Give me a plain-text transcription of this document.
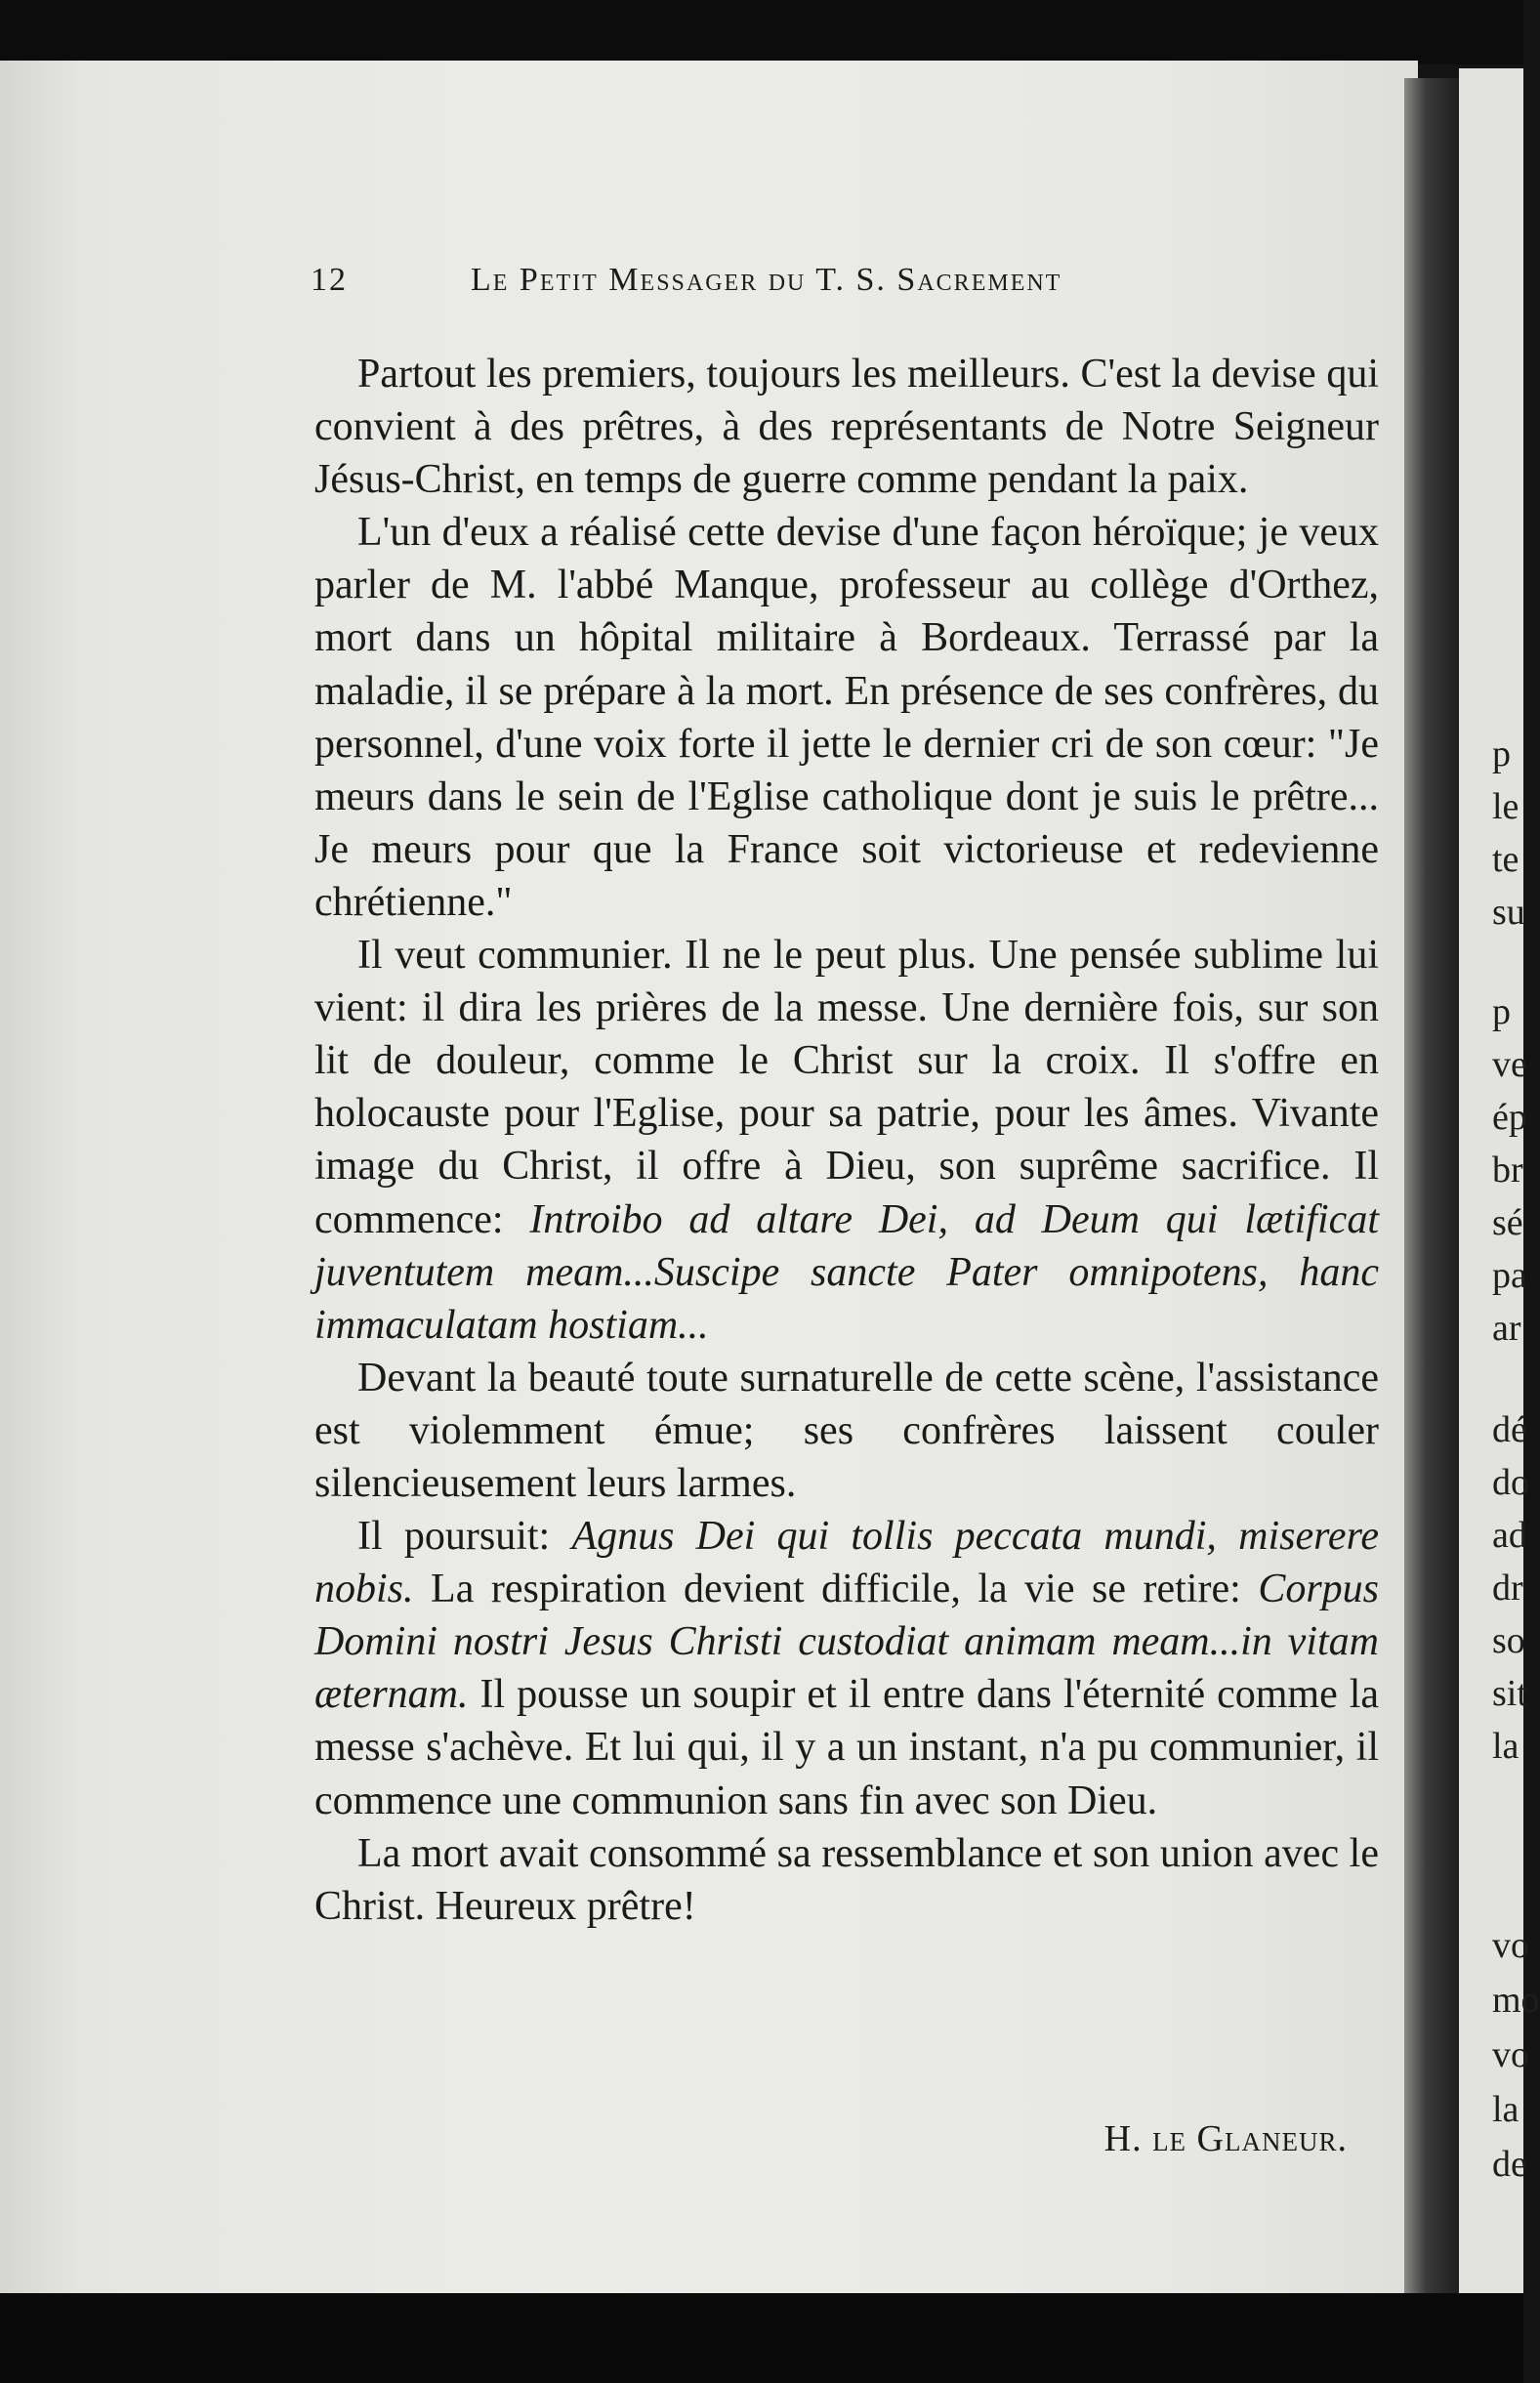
p
le
te
su
p
ve
ép
br
sé
pa
ar
dé
do
ad
dr
so
sit
la
vo
mo
vo
la
de
12	Le Petit Messager du T. S. Sacrement

Partout les premiers, toujours les meilleurs. C'est la devise qui convient à des prêtres, à des représentants de Notre Seigneur Jésus-Christ, en temps de guerre comme pendant la paix.

L'un d'eux a réalisé cette devise d'une façon héroïque; je veux parler de M. l'abbé Manque, professeur au collège d'Orthez, mort dans un hôpital militaire à Bordeaux. Terrassé par la maladie, il se prépare à la mort. En présence de ses confrères, du personnel, d'une voix forte il jette le dernier cri de son cœur: "Je meurs dans le sein de l'Eglise catholique dont je suis le prêtre... Je meurs pour que la France soit victorieuse et redevienne chrétienne."

Il veut communier. Il ne le peut plus. Une pensée sublime lui vient: il dira les prières de la messe. Une dernière fois, sur son lit de douleur, comme le Christ sur la croix. Il s'offre en holocauste pour l'Eglise, pour sa patrie, pour les âmes. Vivante image du Christ, il offre à Dieu, son suprême sacrifice. Il commence: Introibo ad altare Dei, ad Deum qui lætificat juventutem meam...Suscipe sancte Pater omnipotens, hanc immaculatam hostiam...

Devant la beauté toute surnaturelle de cette scène, l'assistance est violemment émue; ses confrères laissent couler silencieusement leurs larmes.

Il poursuit: Agnus Dei qui tollis peccata mundi, miserere nobis. La respiration devient difficile, la vie se retire: Corpus Domini nostri Jesus Christi custodiat animam meam...in vitam æternam. Il pousse un soupir et il entre dans l'éternité comme la messe s'achève. Et lui qui, il y a un instant, n'a pu communier, il commence une communion sans fin avec son Dieu.

La mort avait consommé sa ressemblance et son union avec le Christ. Heureux prêtre!

H. le Glaneur.
